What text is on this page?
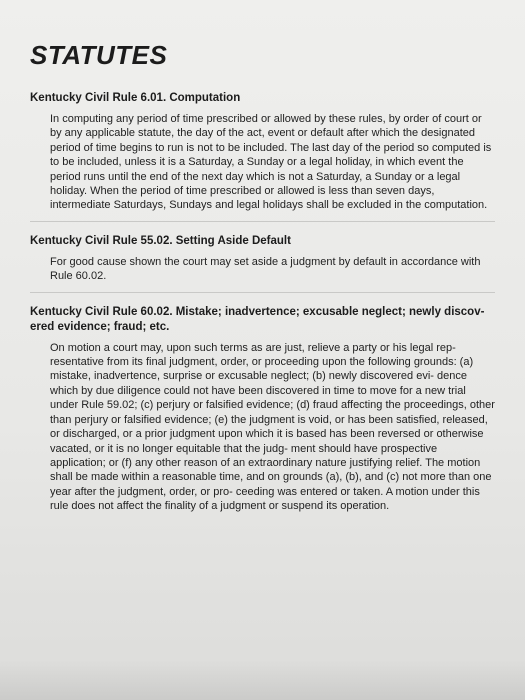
STATUTES
Kentucky Civil Rule 6.01. Computation
In computing any period of time prescribed or allowed by these rules, by order of court or by any applicable statute, the day of the act, event or default after which the designated period of time begins to run is not to be included. The last day of the period so computed is to be included, unless it is a Saturday, a Sunday or a legal holiday, in which event the period runs until the end of the next day which is not a Saturday, a Sunday or a legal holiday. When the period of time prescribed or allowed is less than seven days, intermediate Saturdays, Sundays and legal holidays shall be excluded in the computation.
Kentucky Civil Rule 55.02. Setting Aside Default
For good cause shown the court may set aside a judgment by default in accordance with Rule 60.02.
Kentucky Civil Rule 60.02. Mistake; inadvertence; excusable neglect; newly discov- ered evidence; fraud; etc.
On motion a court may, upon such terms as are just, relieve a party or his legal rep- resentative from its final judgment, order, or proceeding upon the following grounds: (a) mistake, inadvertence, surprise or excusable neglect; (b) newly discovered evi- dence which by due diligence could not have been discovered in time to move for a new trial under Rule 59.02; (c) perjury or falsified evidence; (d) fraud affecting the proceedings, other than perjury or falsified evidence; (e) the judgment is void, or has been satisfied, released, or discharged, or a prior judgment upon which it is based has been reversed or otherwise vacated, or it is no longer equitable that the judg- ment should have prospective application; or (f) any other reason of an extraordinary nature justifying relief. The motion shall be made within a reasonable time, and on grounds (a), (b), and (c) not more than one year after the judgment, order, or pro- ceeding was entered or taken. A motion under this rule does not affect the finality of a judgment or suspend its operation.
